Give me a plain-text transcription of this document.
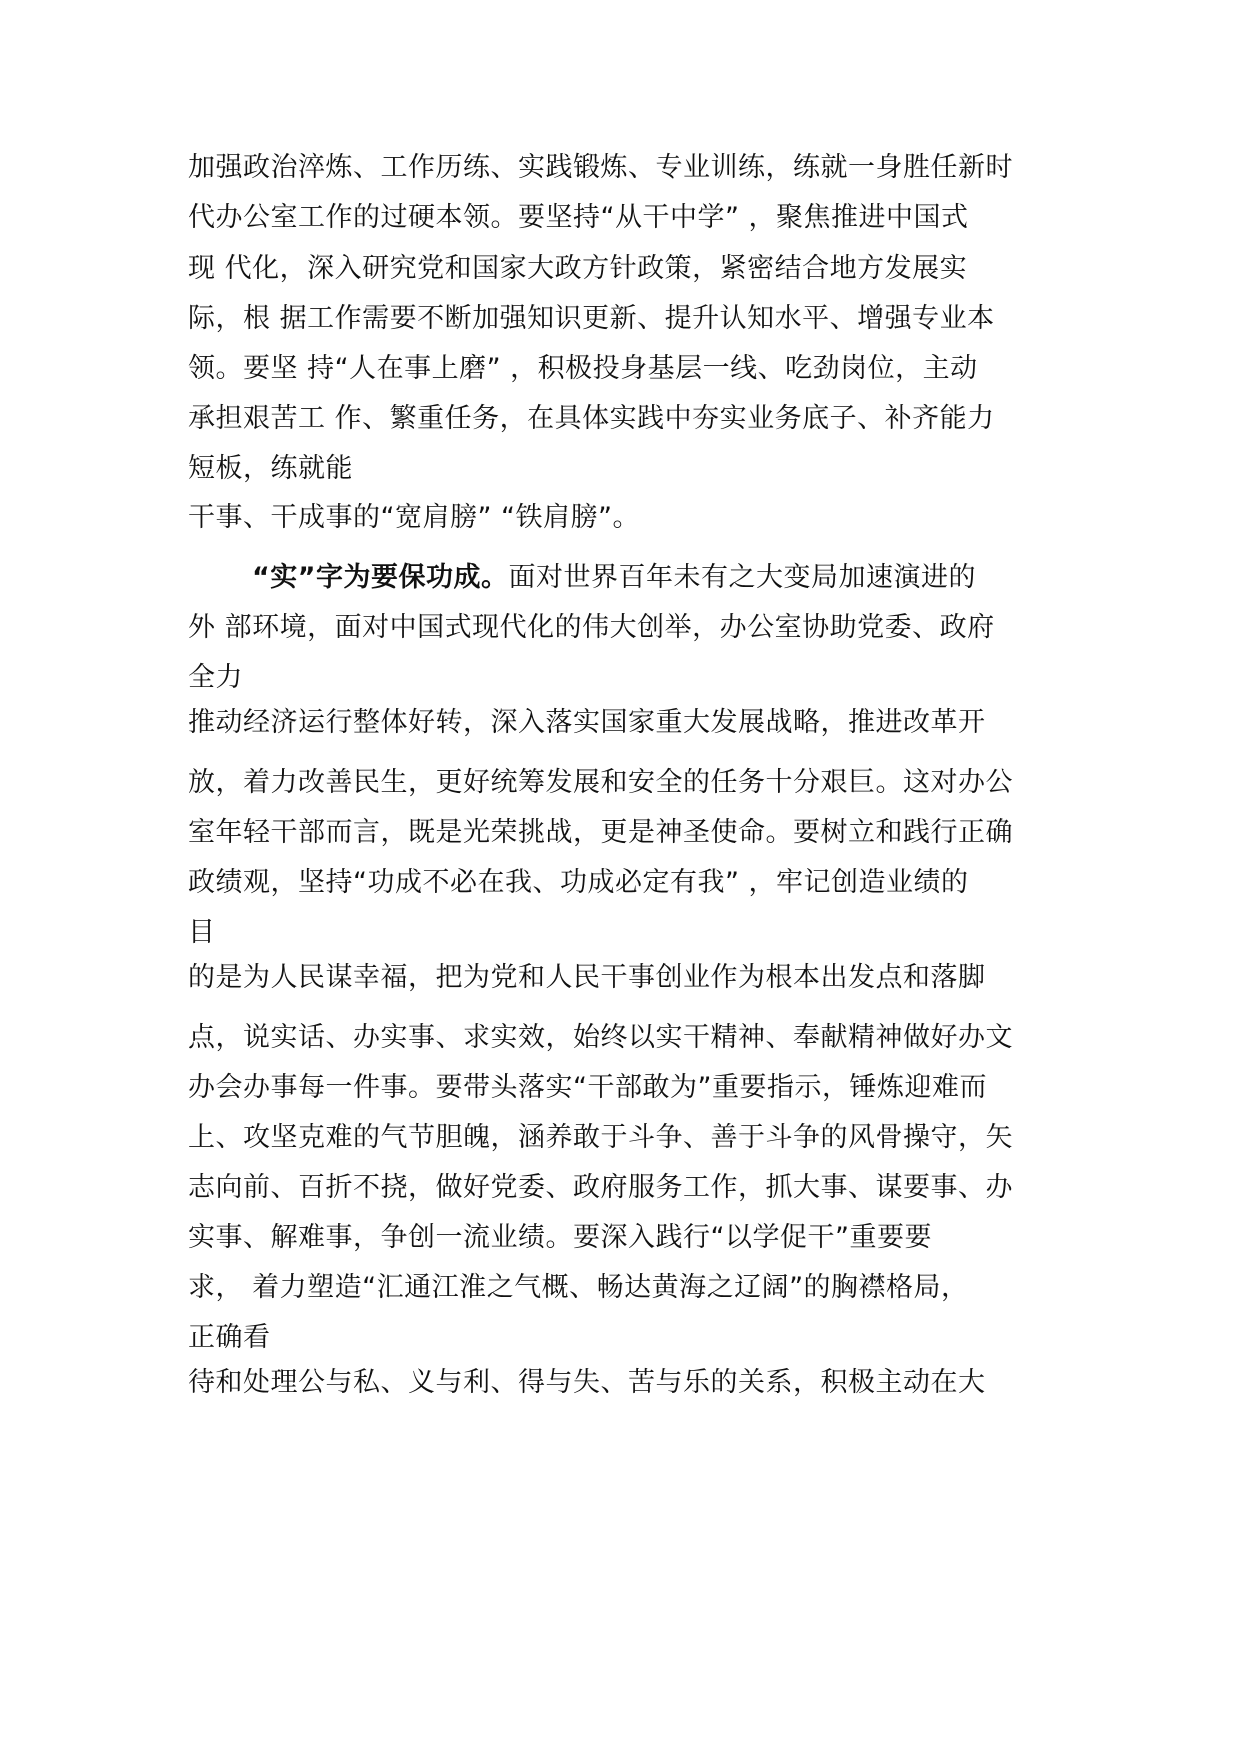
加强政治淬炼、工作历练、实践锻炼、专业训练，练就一身胜任新时
代办公室工作的过硬本领。要坚持“从干中学” ，聚焦推进中国式
现 代化，深入研究党和国家大政方针政策，紧密结合地方发展实
际，根 据工作需要不断加强知识更新、提升认知水平、增强专业本
领。要坚 持“人在事上磨” ，积极投身基层一线、吃劲岗位，主动
承担艰苦工 作、繁重任务，在具体实践中夯实业务底子、补齐能力
短板，练就能
干事、干成事的“宽肩膀” “铁肩膀”。
“实”字为要保功成。面对世界百年未有之大变局加速演进的
外 部环境，面对中国式现代化的伟大创举，办公室协助党委、政府
全力
推动经济运行整体好转，深入落实国家重大发展战略，推进改革开
放，着力改善民生，更好统筹发展和安全的任务十分艰巨。这对办公
室年轻干部而言，既是光荣挑战，更是神圣使命。要树立和践行正确
政绩观，坚持“功成不必在我、功成必定有我” ，牢记创造业绩的
目
的是为人民谋幸福，把为党和人民干事创业作为根本出发点和落脚
点，说实话、办实事、求实效，始终以实干精神、奉献精神做好办文
办会办事每一件事。要带头落实“干部敢为”重要指示，锤炼迎难而
上、攻坚克难的气节胆魄，涵养敢于斗争、善于斗争的风骨操守，矢
志向前、百折不挠，做好党委、政府服务工作，抓大事、谋要事、办
实事、解难事，争创一流业绩。要深入践行“以学促干”重要要
求， 着力塑造“汇通江淮之气概、畅达黄海之辽阔”的胸襟格局，
正确看
待和处理公与私、义与利、得与失、苦与乐的关系，积极主动在大
